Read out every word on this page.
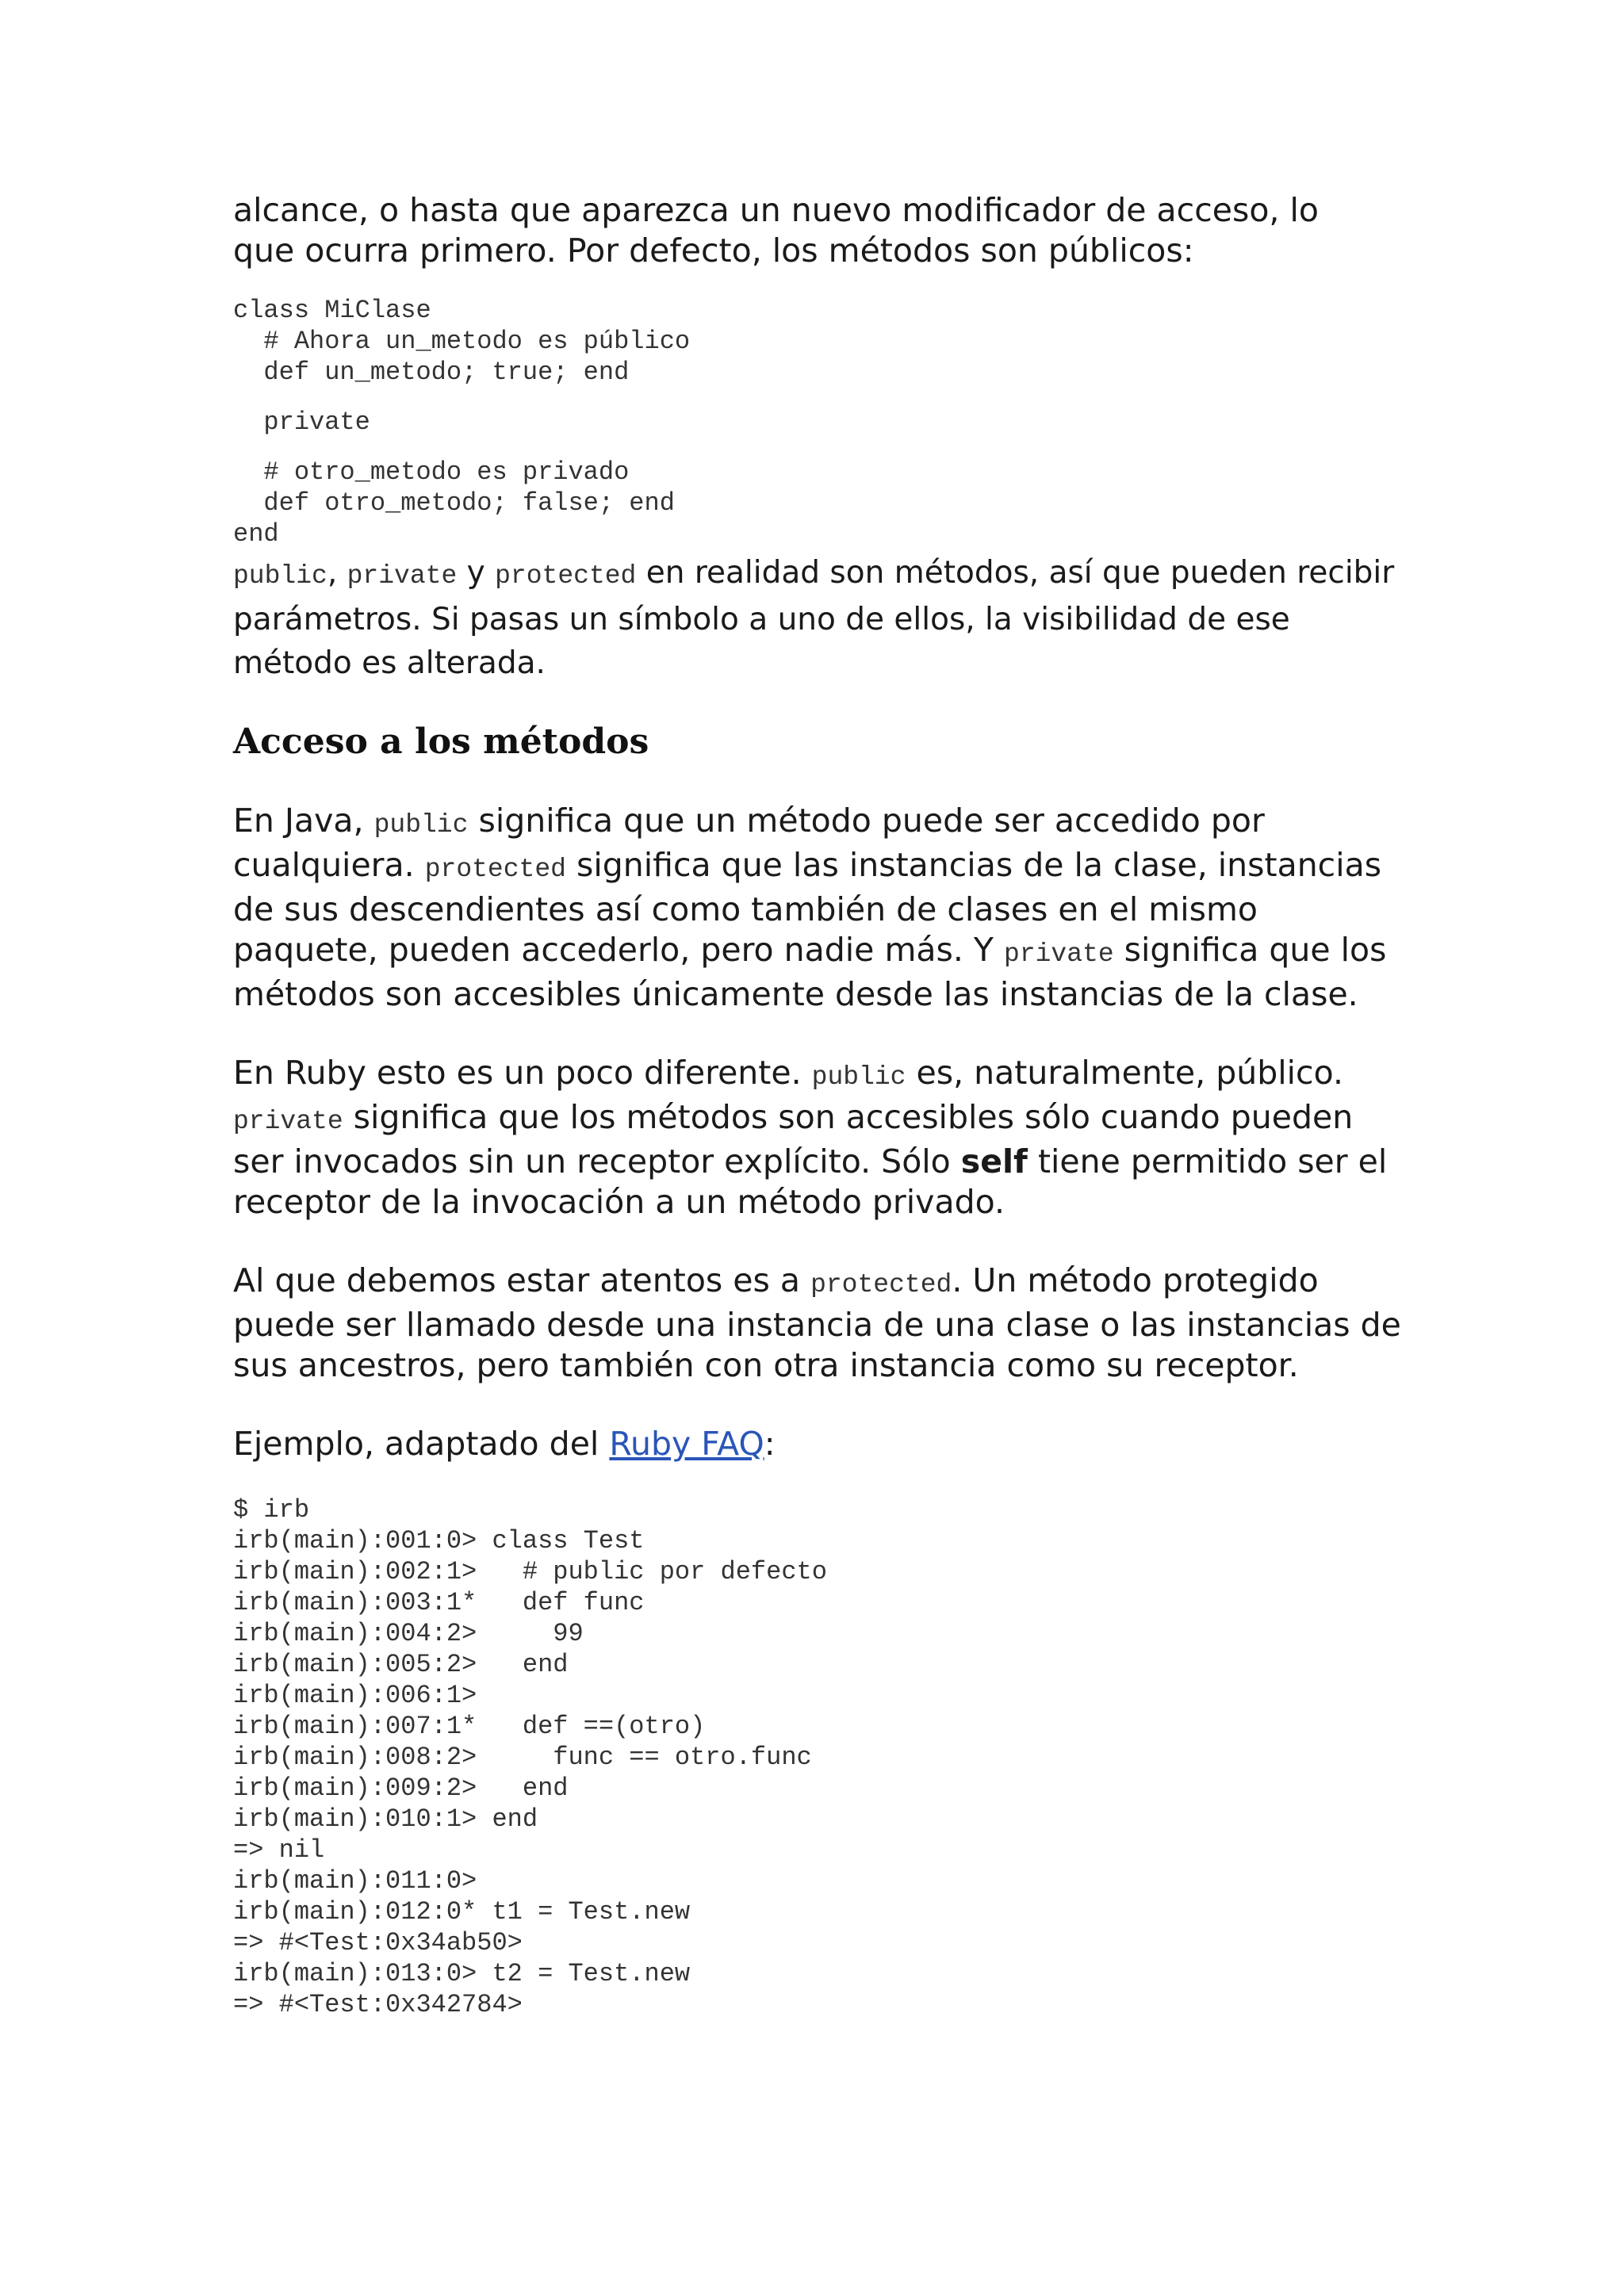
alcance, o hasta que aparezca un nuevo modificador de acceso, lo
que ocurra primero. Por defecto, los métodos son públicos:

class MiClase
# Ahora un_metodo es público
def un_metodo; true; end

private

# otro_metodo es privado
def otro_metodo; false; end
end

public, private y protected en realidad son métodos, así que pueden recibir parámetros. Si pasas un símbolo a uno de ellos, la visibilidad de ese método es alterada.

Acceso a los métodos

En Java, public significa que un método puede ser accedido por cualquiera. protected significa que las instancias de la clase, instancias de sus descendientes así como también de clases en el mismo paquete, pueden accederlo, pero nadie más. Y private significa que los métodos son accesibles únicamente desde las instancias de la clase.

En Ruby esto es un poco diferente. public es, naturalmente, público. private significa que los métodos son accesibles sólo cuando pueden ser invocados sin un receptor explícito. Sólo self tiene permitido ser el receptor de la invocación a un método privado.

Al que debemos estar atentos es a protected. Un método protegido puede ser llamado desde una instancia de una clase o las instancias de sus ancestros, pero también con otra instancia como su receptor.

Ejemplo, adaptado del Ruby FAQ:

$ irb
irb(main):001:0> class Test
irb(main):002:1>   # public por defecto
irb(main):003:1*   def func
irb(main):004:2>     99
irb(main):005:2>   end
irb(main):006:1>
irb(main):007:1*   def ==(otro)
irb(main):008:2>     func == otro.func
irb(main):009:2>   end
irb(main):010:1> end
=> nil
irb(main):011:0>
irb(main):012:0* t1 = Test.new
=> #<Test:0x34ab50>
irb(main):013:0> t2 = Test.new
=> #<Test:0x342784>
